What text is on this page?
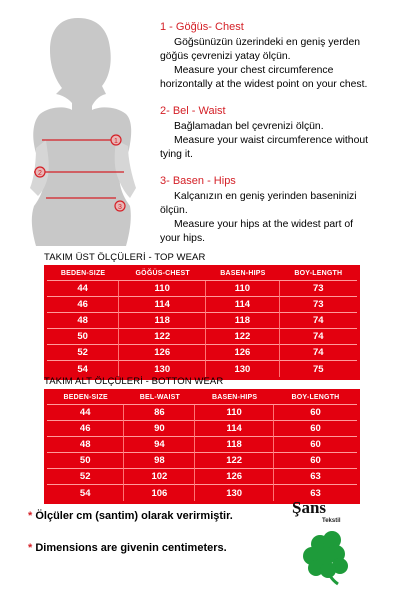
1
2
3
1 - Göğüs- Chest
Göğsünüzün üzerindeki en geniş yerden
göğüs çevrenizi yatay ölçün.
Measure your chest circumference
horizontally at the widest point on your chest.
2- Bel - Waist
Bağlamadan bel çevrenizi ölçün.
Measure your waist circumference without
tying it.
3- Basen - Hips
Kalçanızın en geniş yerinden baseninizi
ölçün.
Measure your hips at the widest part of
your hips.
TAKIM ÜST ÖLÇÜLERİ - TOP WEAR
BEDEN-SIZE	GÖĞÜS-CHEST	BASEN-HIPS	BOY-LENGTH
44	110	110	73
46	114	114	73
48	118	118	74
50	122	122	74
52	126	126	74
54	130	130	75
TAKIM ALT ÖLÇÜLERİ - BOTTON WEAR
BEDEN-SIZE	BEL-WAIST	BASEN-HIPS	BOY-LENGTH
44	86	110	60
46	90	114	60
48	94	118	60
50	98	122	60
52	102	126	63
54	106	130	63
* Ölçüler cm (santim) olarak verirmiştir.
* Dimensions are givenin centimeters.
Şans
Tekstil
